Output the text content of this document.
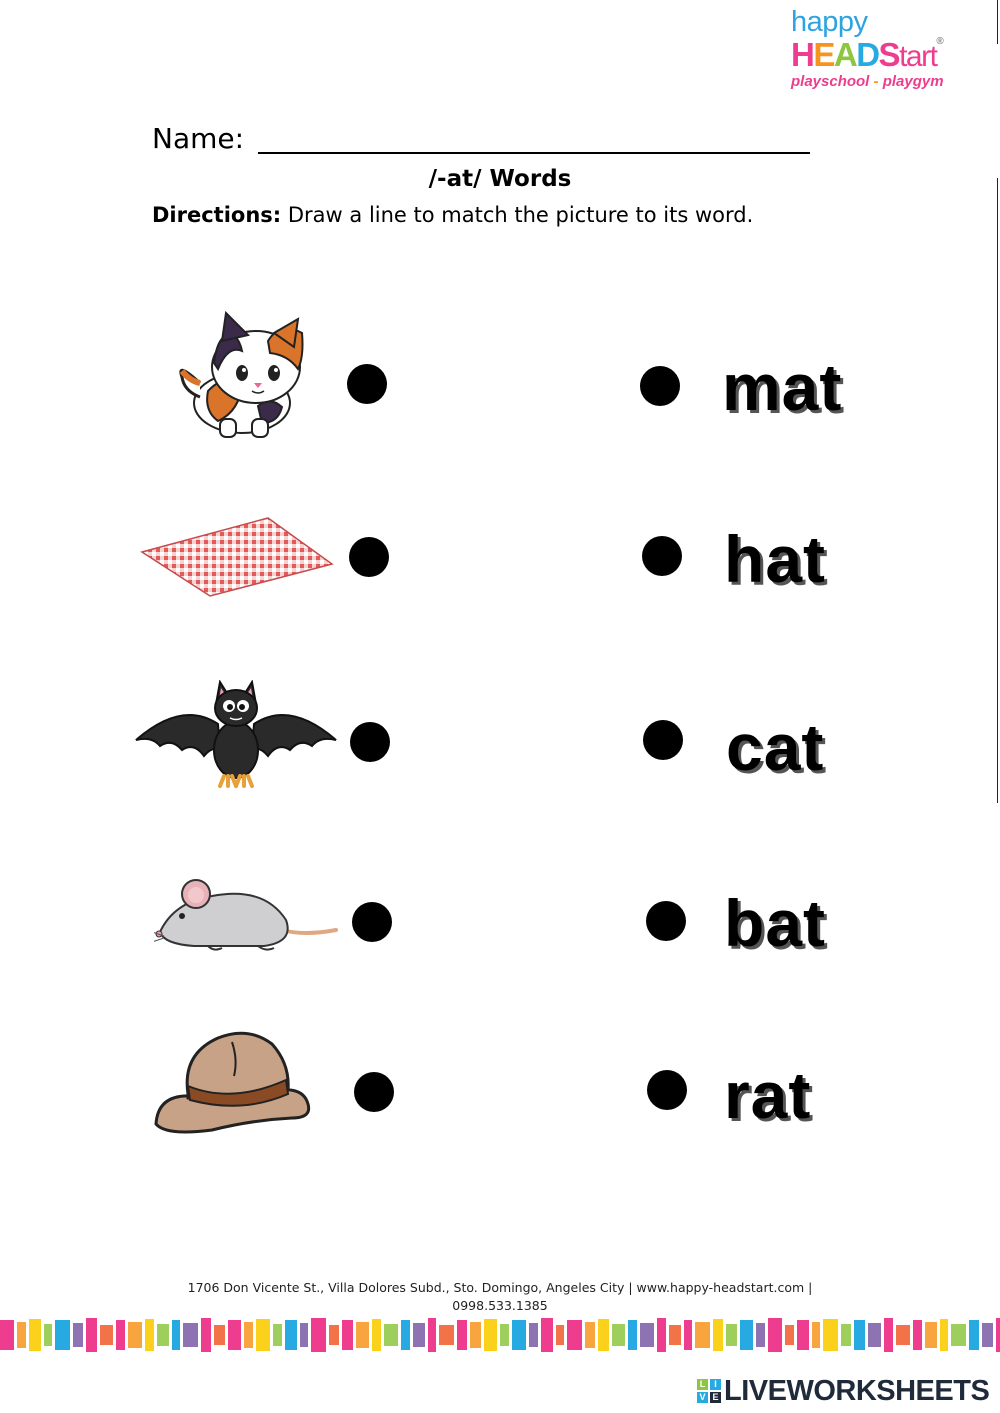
happy
HEADStart®
playschool - playgym
Name:
/-at/ Words
Directions: Draw a line to match the picture to its word.
mat
hat
cat
bat
rat
1706 Don Vicente St., Villa Dolores Subd., Sto. Domingo, Angeles City | www.happy-headstart.com |
0998.533.1385
L I
V E LIVEWORKSHEETS
